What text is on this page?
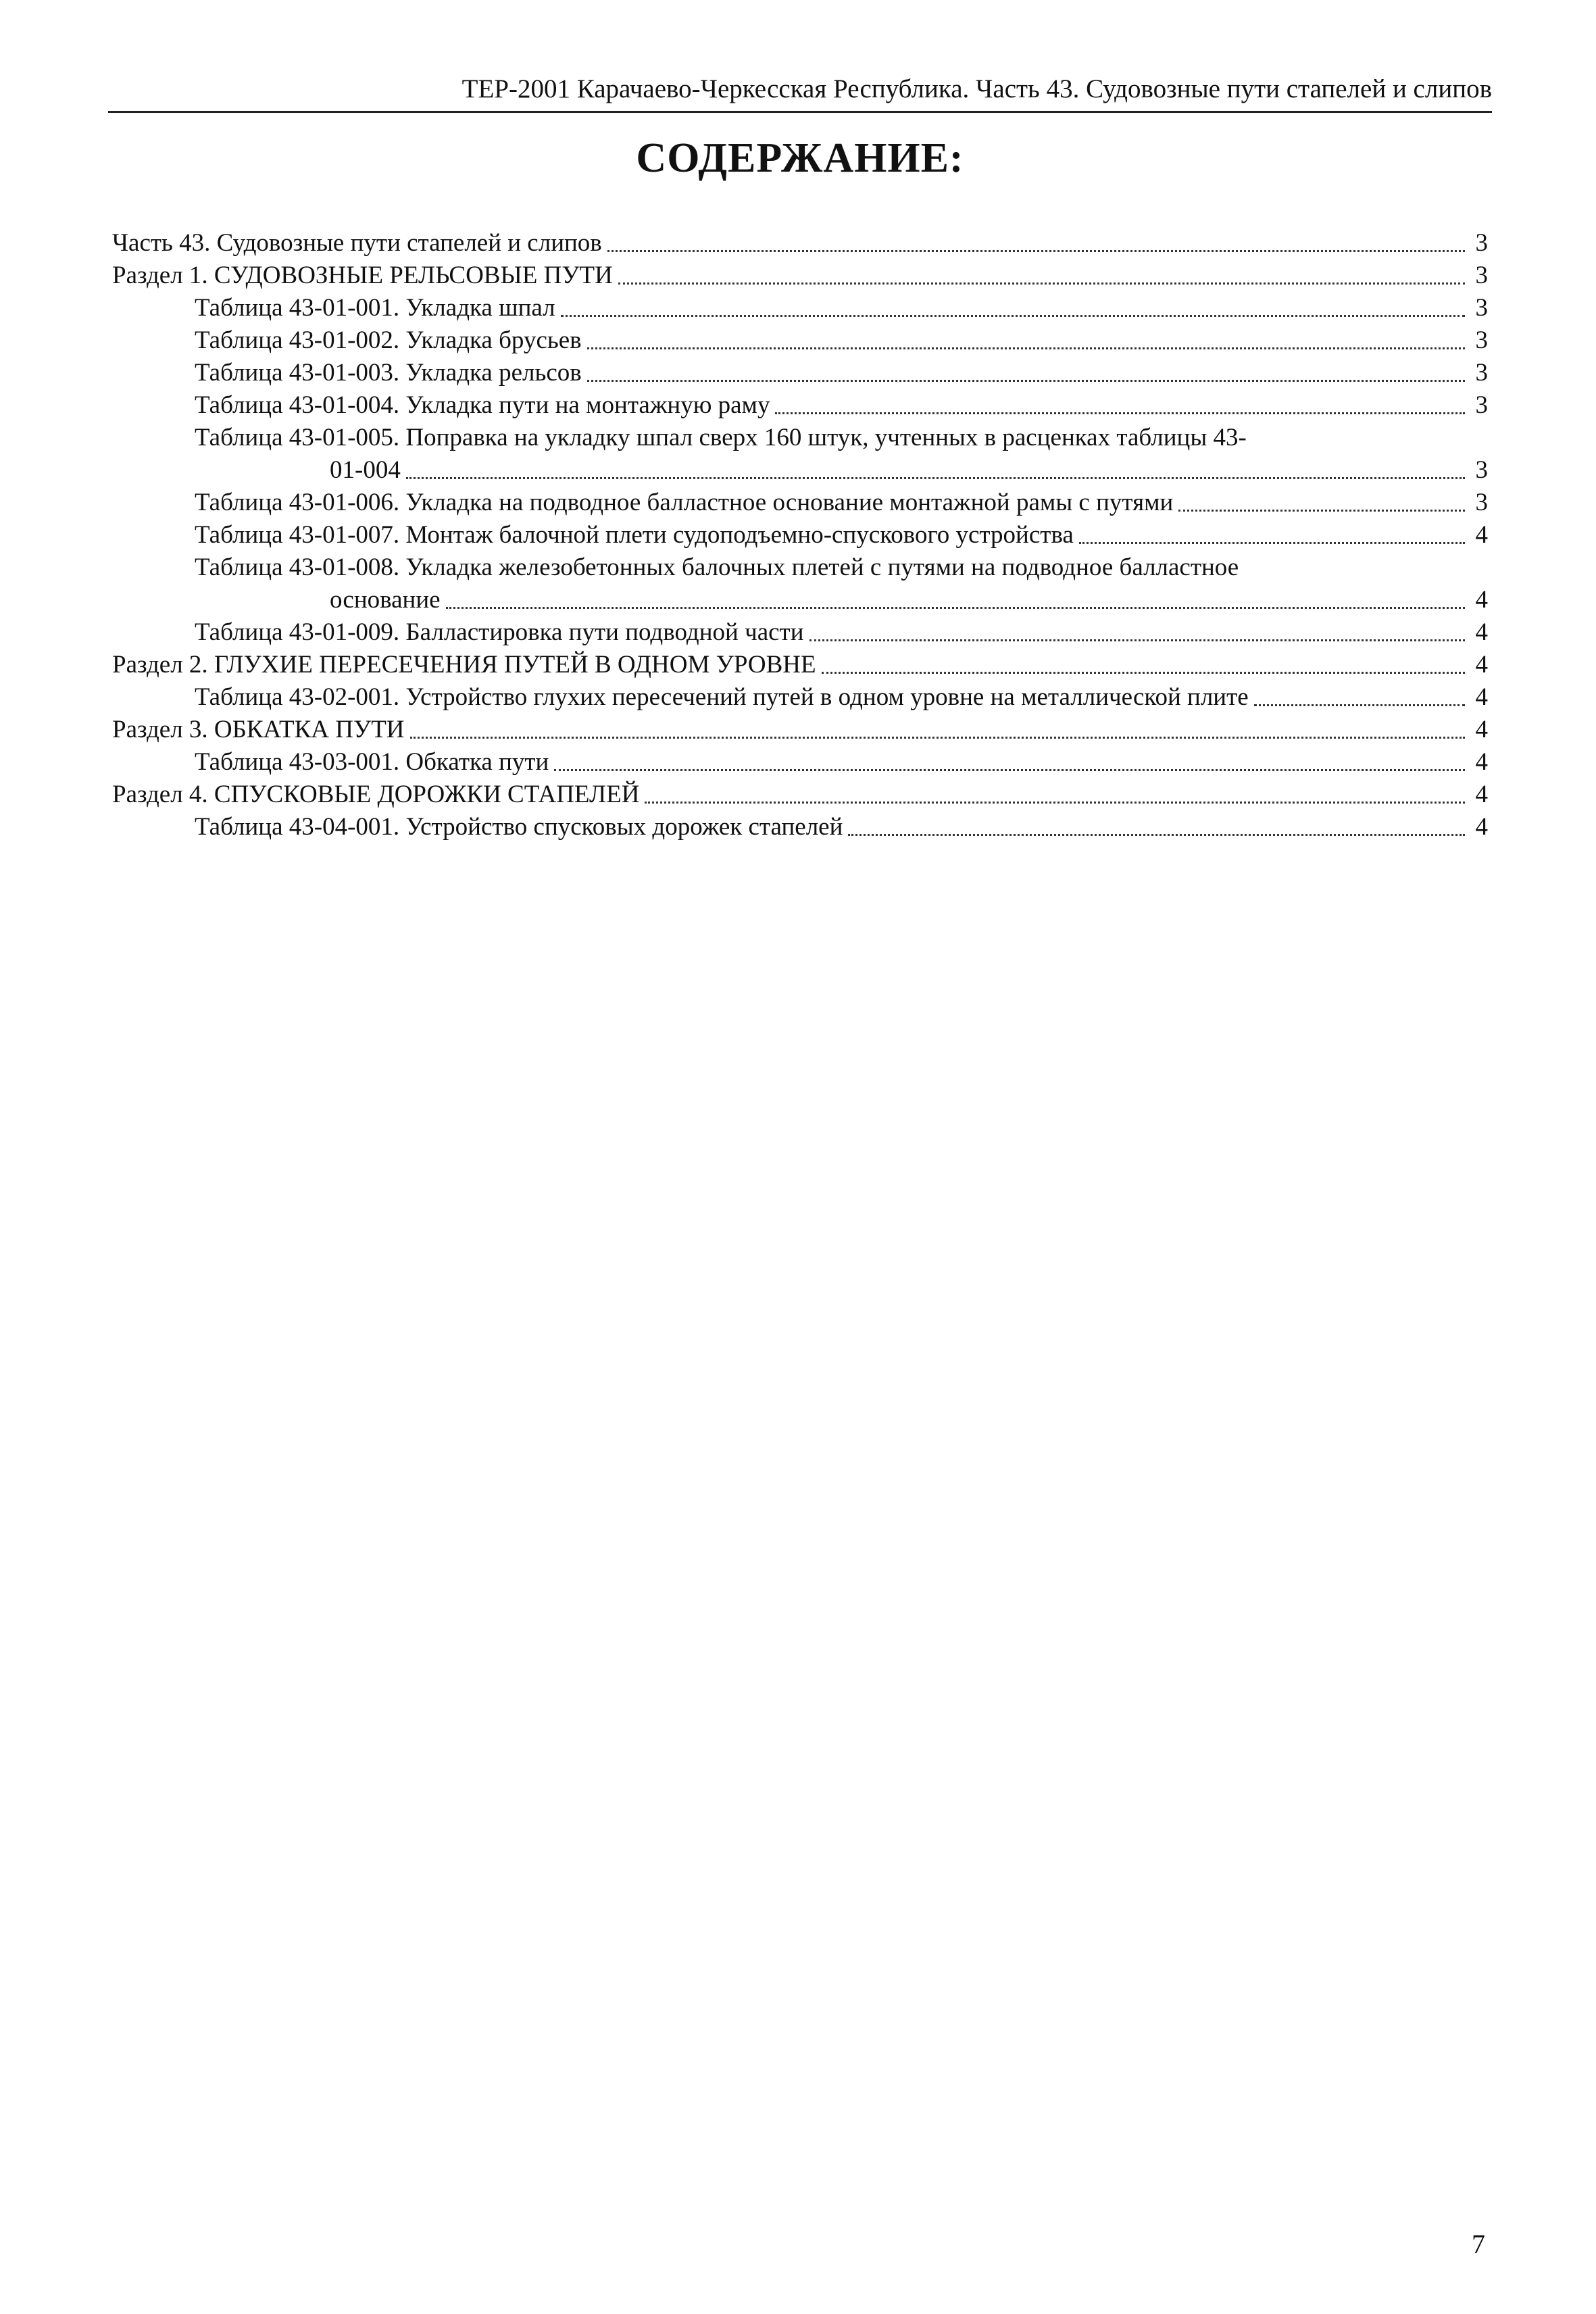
ТЕР-2001 Карачаево-Черкесская Республика. Часть 43. Судовозные пути стапелей и слипов
СОДЕРЖАНИЕ:
Часть 43. Судовозные пути стапелей и слипов	3
Раздел 1. СУДОВОЗНЫЕ РЕЛЬСОВЫЕ ПУТИ	3
Таблица 43-01-001. Укладка шпал	3
Таблица 43-01-002. Укладка брусьев	3
Таблица 43-01-003. Укладка рельсов	3
Таблица 43-01-004. Укладка пути на монтажную раму	3
Таблица 43-01-005. Поправка на укладку шпал сверх 160 штук, учтенных в расценках таблицы 43-
01-004	3
Таблица 43-01-006. Укладка на подводное балластное основание монтажной рамы с путями	3
Таблица 43-01-007. Монтаж балочной плети судоподъемно-спускового устройства	4
Таблица 43-01-008. Укладка железобетонных балочных плетей с путями на подводное балластное
основание	4
Таблица 43-01-009. Балластировка пути подводной части	4
Раздел 2. ГЛУХИЕ ПЕРЕСЕЧЕНИЯ ПУТЕЙ В ОДНОМ УРОВНЕ	4
Таблица 43-02-001. Устройство глухих пересечений путей в одном уровне на металлической плите	4
Раздел 3. ОБКАТКА ПУТИ	4
Таблица 43-03-001. Обкатка пути	4
Раздел 4. СПУСКОВЫЕ ДОРОЖКИ СТАПЕЛЕЙ	4
Таблица 43-04-001. Устройство спусковых дорожек стапелей	4
7
